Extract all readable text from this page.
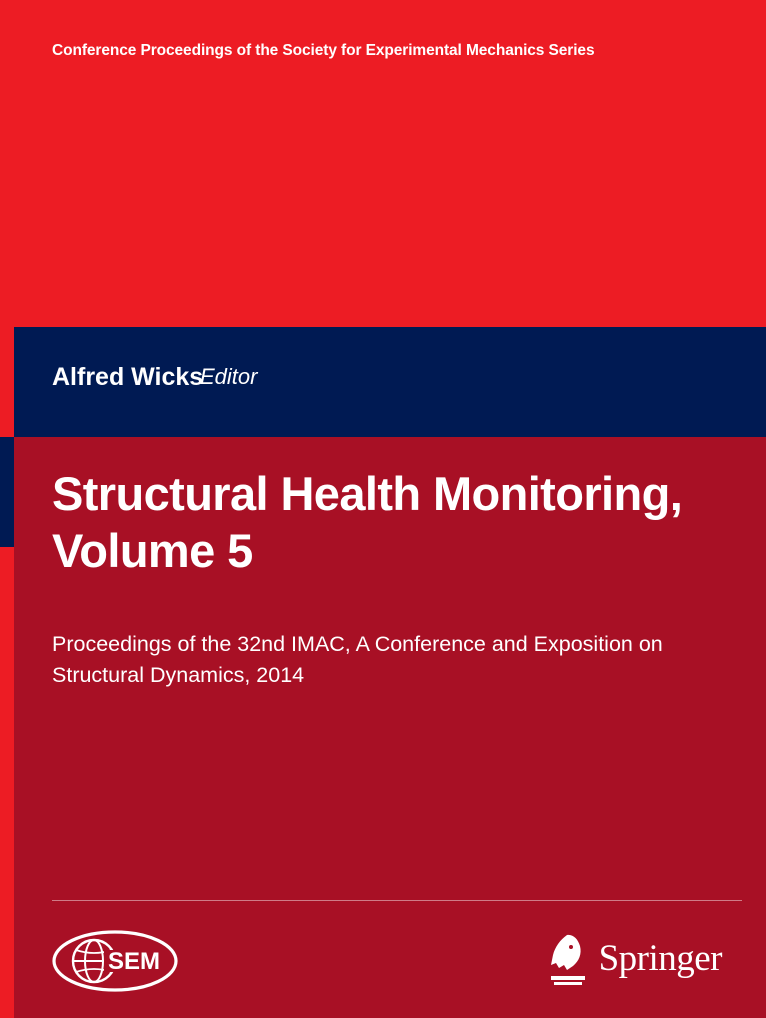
Conference Proceedings of the Society for Experimental Mechanics Series
Alfred Wicks
Editor
Structural Health Monitoring, Volume 5
Proceedings of the 32nd IMAC, A Conference and Exposition on Structural Dynamics, 2014
SEM	Springer
